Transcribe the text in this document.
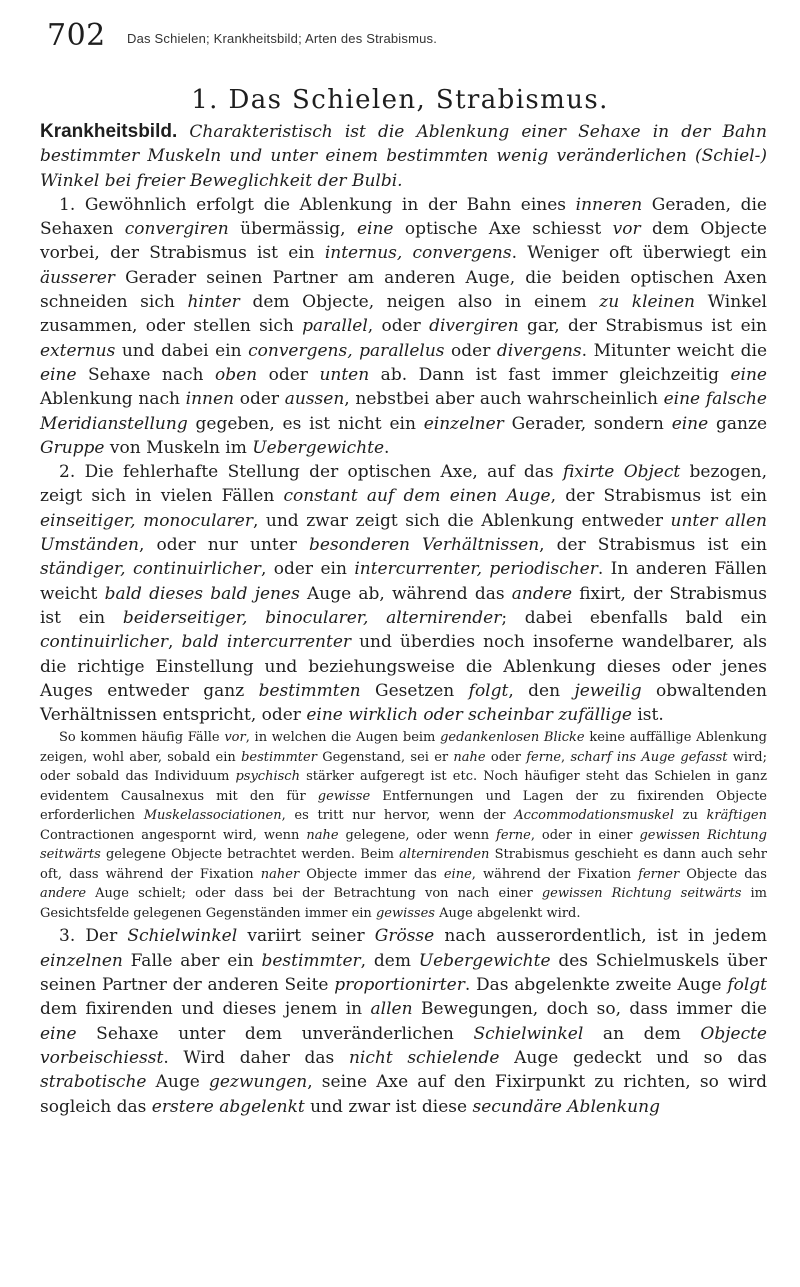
702 Das Schielen; Krankheitsbild; Arten des Strabismus.
1. Das Schielen, Strabismus.

Krankheitsbild. Charakteristisch ist die Ablenkung einer Sehaxe in der Bahn bestimmter Muskeln und unter einem bestimmten wenig veränderlichen (Schiel-) Winkel bei freier Beweglichkeit der Bulbi.

1. Gewöhnlich erfolgt die Ablenkung in der Bahn eines inneren Geraden, die Sehaxen convergiren übermässig, eine optische Axe schiesst vor dem Objecte vorbei, der Strabismus ist ein internus, convergens. Weniger oft überwiegt ein äusserer Gerader seinen Partner am anderen Auge, die beiden optischen Axen schneiden sich hinter dem Objecte, neigen also in einem zu kleinen Winkel zusammen, oder stellen sich parallel, oder divergiren gar, der Strabismus ist ein externus und dabei ein convergens, parallelus oder divergens. Mitunter weicht die eine Sehaxe nach oben oder unten ab. Dann ist fast immer gleichzeitig eine Ablenkung nach innen oder aussen, nebstbei aber auch wahrscheinlich eine falsche Meridianstellung gegeben, es ist nicht ein einzelner Gerader, sondern eine ganze Gruppe von Muskeln im Uebergewichte.

2. Die fehlerhafte Stellung der optischen Axe, auf das fixirte Object bezogen, zeigt sich in vielen Fällen constant auf dem einen Auge, der Strabismus ist ein einseitiger, monocularer, und zwar zeigt sich die Ablenkung entweder unter allen Umständen, oder nur unter besonderen Verhältnissen, der Strabismus ist ein ständiger, continuirlicher, oder ein intercurrenter, periodischer. In anderen Fällen weicht bald dieses bald jenes Auge ab, während das andere fixirt, der Strabismus ist ein beiderseitiger, binocularer, alternirender; dabei ebenfalls bald ein continuirlicher, bald intercurrenter und überdies noch insoferne wandelbarer, als die richtige Einstellung und beziehungsweise die Ablenkung dieses oder jenes Auges entweder ganz bestimmten Gesetzen folgt, den jeweilig obwaltenden Verhältnissen entspricht, oder eine wirklich oder scheinbar zufällige ist.

So kommen häufig Fälle vor, in welchen die Augen beim gedankenlosen Blicke keine auffällige Ablenkung zeigen, wohl aber, sobald ein bestimmter Gegenstand, sei er nahe oder ferne, scharf ins Auge gefasst wird; oder sobald das Individuum psychisch stärker aufgeregt ist etc. Noch häufiger steht das Schielen in ganz evidentem Causalnexus mit den für gewisse Entfernungen und Lagen der zu fixirenden Objecte erforderlichen Muskelassociationen, es tritt nur hervor, wenn der Accommodationsmuskel zu kräftigen Contractionen angespornt wird, wenn nahe gelegene, oder wenn ferne, oder in einer gewissen Richtung seitwärts gelegene Objecte betrachtet werden. Beim alternirenden Strabismus geschieht es dann auch sehr oft, dass während der Fixation naher Objecte immer das eine, während der Fixation ferner Objecte das andere Auge schielt; oder dass bei der Betrachtung von nach einer gewissen Richtung seitwärts im Gesichtsfelde gelegenen Gegenständen immer ein gewisses Auge abgelenkt wird.

3. Der Schielwinkel variirt seiner Grösse nach ausserordentlich, ist in jedem einzelnen Falle aber ein bestimmter, dem Uebergewichte des Schielmuskels über seinen Partner der anderen Seite proportionirter. Das abgelenkte zweite Auge folgt dem fixirenden und dieses jenem in allen Bewegungen, doch so, dass immer die eine Sehaxe unter dem unveränderlichen Schielwinkel an dem Objecte vorbeischiesst. Wird daher das nicht schielende Auge gedeckt und so das strabotische Auge gezwungen, seine Axe auf den Fixirpunkt zu richten, so wird sogleich das erstere abgelenkt und zwar ist diese secundäre Ablenkung
